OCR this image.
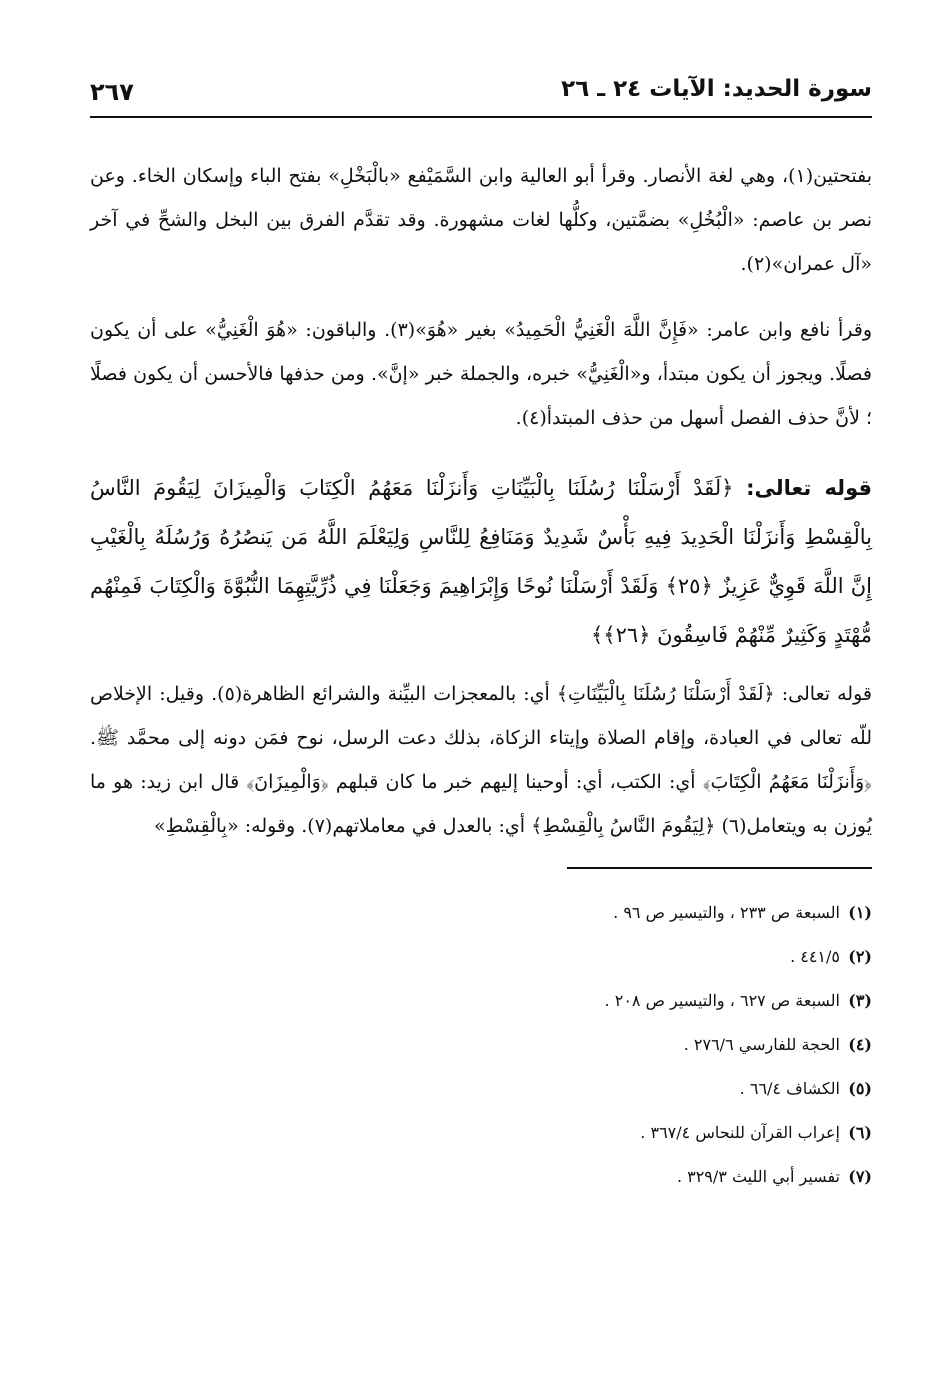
سورة الحديد: الآيات ٢٤ ـ ٢٦
٢٦٧

بفتحتين(١)، وهي لغة الأنصار. وقرأ أبو العالية وابن السَّمَيْفع «بالْبَخْلِ» بفتح الباء وإسكان الخاء. وعن نصر بن عاصم: «الْبُخُلِ» بضمَّتين، وكلُّها لغات مشهورة. وقد تقدَّم الفرق بين البخل والشحِّ في آخر «آل عمران»(٢).

وقرأ نافع وابن عامر: «فَإِنَّ اللَّهَ الْغَنِيُّ الْحَمِيدُ» بغير «هُوَ»(٣). والباقون: «هُوَ الْغَنِيُّ» على أن يكون فصلًا. ويجوز أن يكون مبتدأ، و«الْغَنِيُّ» خبره، والجملة خبر «إنَّ». ومن حذفها فالأحسن أن يكون فصلًا ؛ لأنَّ حذف الفصل أسهل من حذف المبتدأ(٤).

قوله تعالى: ﴿لَقَدْ أَرْسَلْنَا رُسُلَنَا بِالْبَيِّنَاتِ وَأَنزَلْنَا مَعَهُمُ الْكِتَابَ وَالْمِيزَانَ لِيَقُومَ النَّاسُ بِالْقِسْطِ وَأَنزَلْنَا الْحَدِيدَ فِيهِ بَأْسٌ شَدِيدٌ وَمَنَافِعُ لِلنَّاسِ وَلِيَعْلَمَ اللَّهُ مَن يَنصُرُهُ وَرُسُلَهُ بِالْغَيْبِ إِنَّ اللَّهَ قَوِيٌّ عَزِيزٌ ﴿٢٥﴾ وَلَقَدْ أَرْسَلْنَا نُوحًا وَإِبْرَاهِيمَ وَجَعَلْنَا فِي ذُرِّيَّتِهِمَا النُّبُوَّةَ وَالْكِتَابَ فَمِنْهُم مُّهْتَدٍ وَكَثِيرٌ مِّنْهُمْ فَاسِقُونَ ﴿٢٦﴾﴾

قوله تعالى: ﴿لَقَدْ أَرْسَلْنَا رُسُلَنَا بِالْبَيِّنَاتِ﴾ أي: بالمعجزات البيِّنة والشرائع الظاهرة(٥). وقيل: الإخلاص للّه تعالى في العبادة، وإقام الصلاة وإيتاء الزكاة، بذلك دعت الرسل، نوح فمَن دونه إلى محمَّد ﷺ. ﴿وَأَنزَلْنَا مَعَهُمُ الْكِتَابَ﴾ أي: الكتب، أي: أوحينا إليهم خبر ما كان قبلهم ﴿وَالْمِيزَانَ﴾ قال ابن زيد: هو ما يُوزن به ويتعامل(٦) ﴿لِيَقُومَ النَّاسُ بِالْقِسْطِ﴾ أي: بالعدل في معاملاتهم(٧). وقوله: «بِالْقِسْطِ»

(١)
السبعة ص ٢٣٣ ، والتيسير ص ٩٦ .
(٢)
٤٤١/٥ .
(٣)
السبعة ص ٦٢٧ ، والتيسير ص ٢٠٨ .
(٤)
الحجة للفارسي ٢٧٦/٦ .
(٥)
الكشاف ٦٦/٤ .
(٦)
إعراب القرآن للنحاس ٣٦٧/٤ .
(٧)
تفسير أبي الليث ٣٢٩/٣ .
